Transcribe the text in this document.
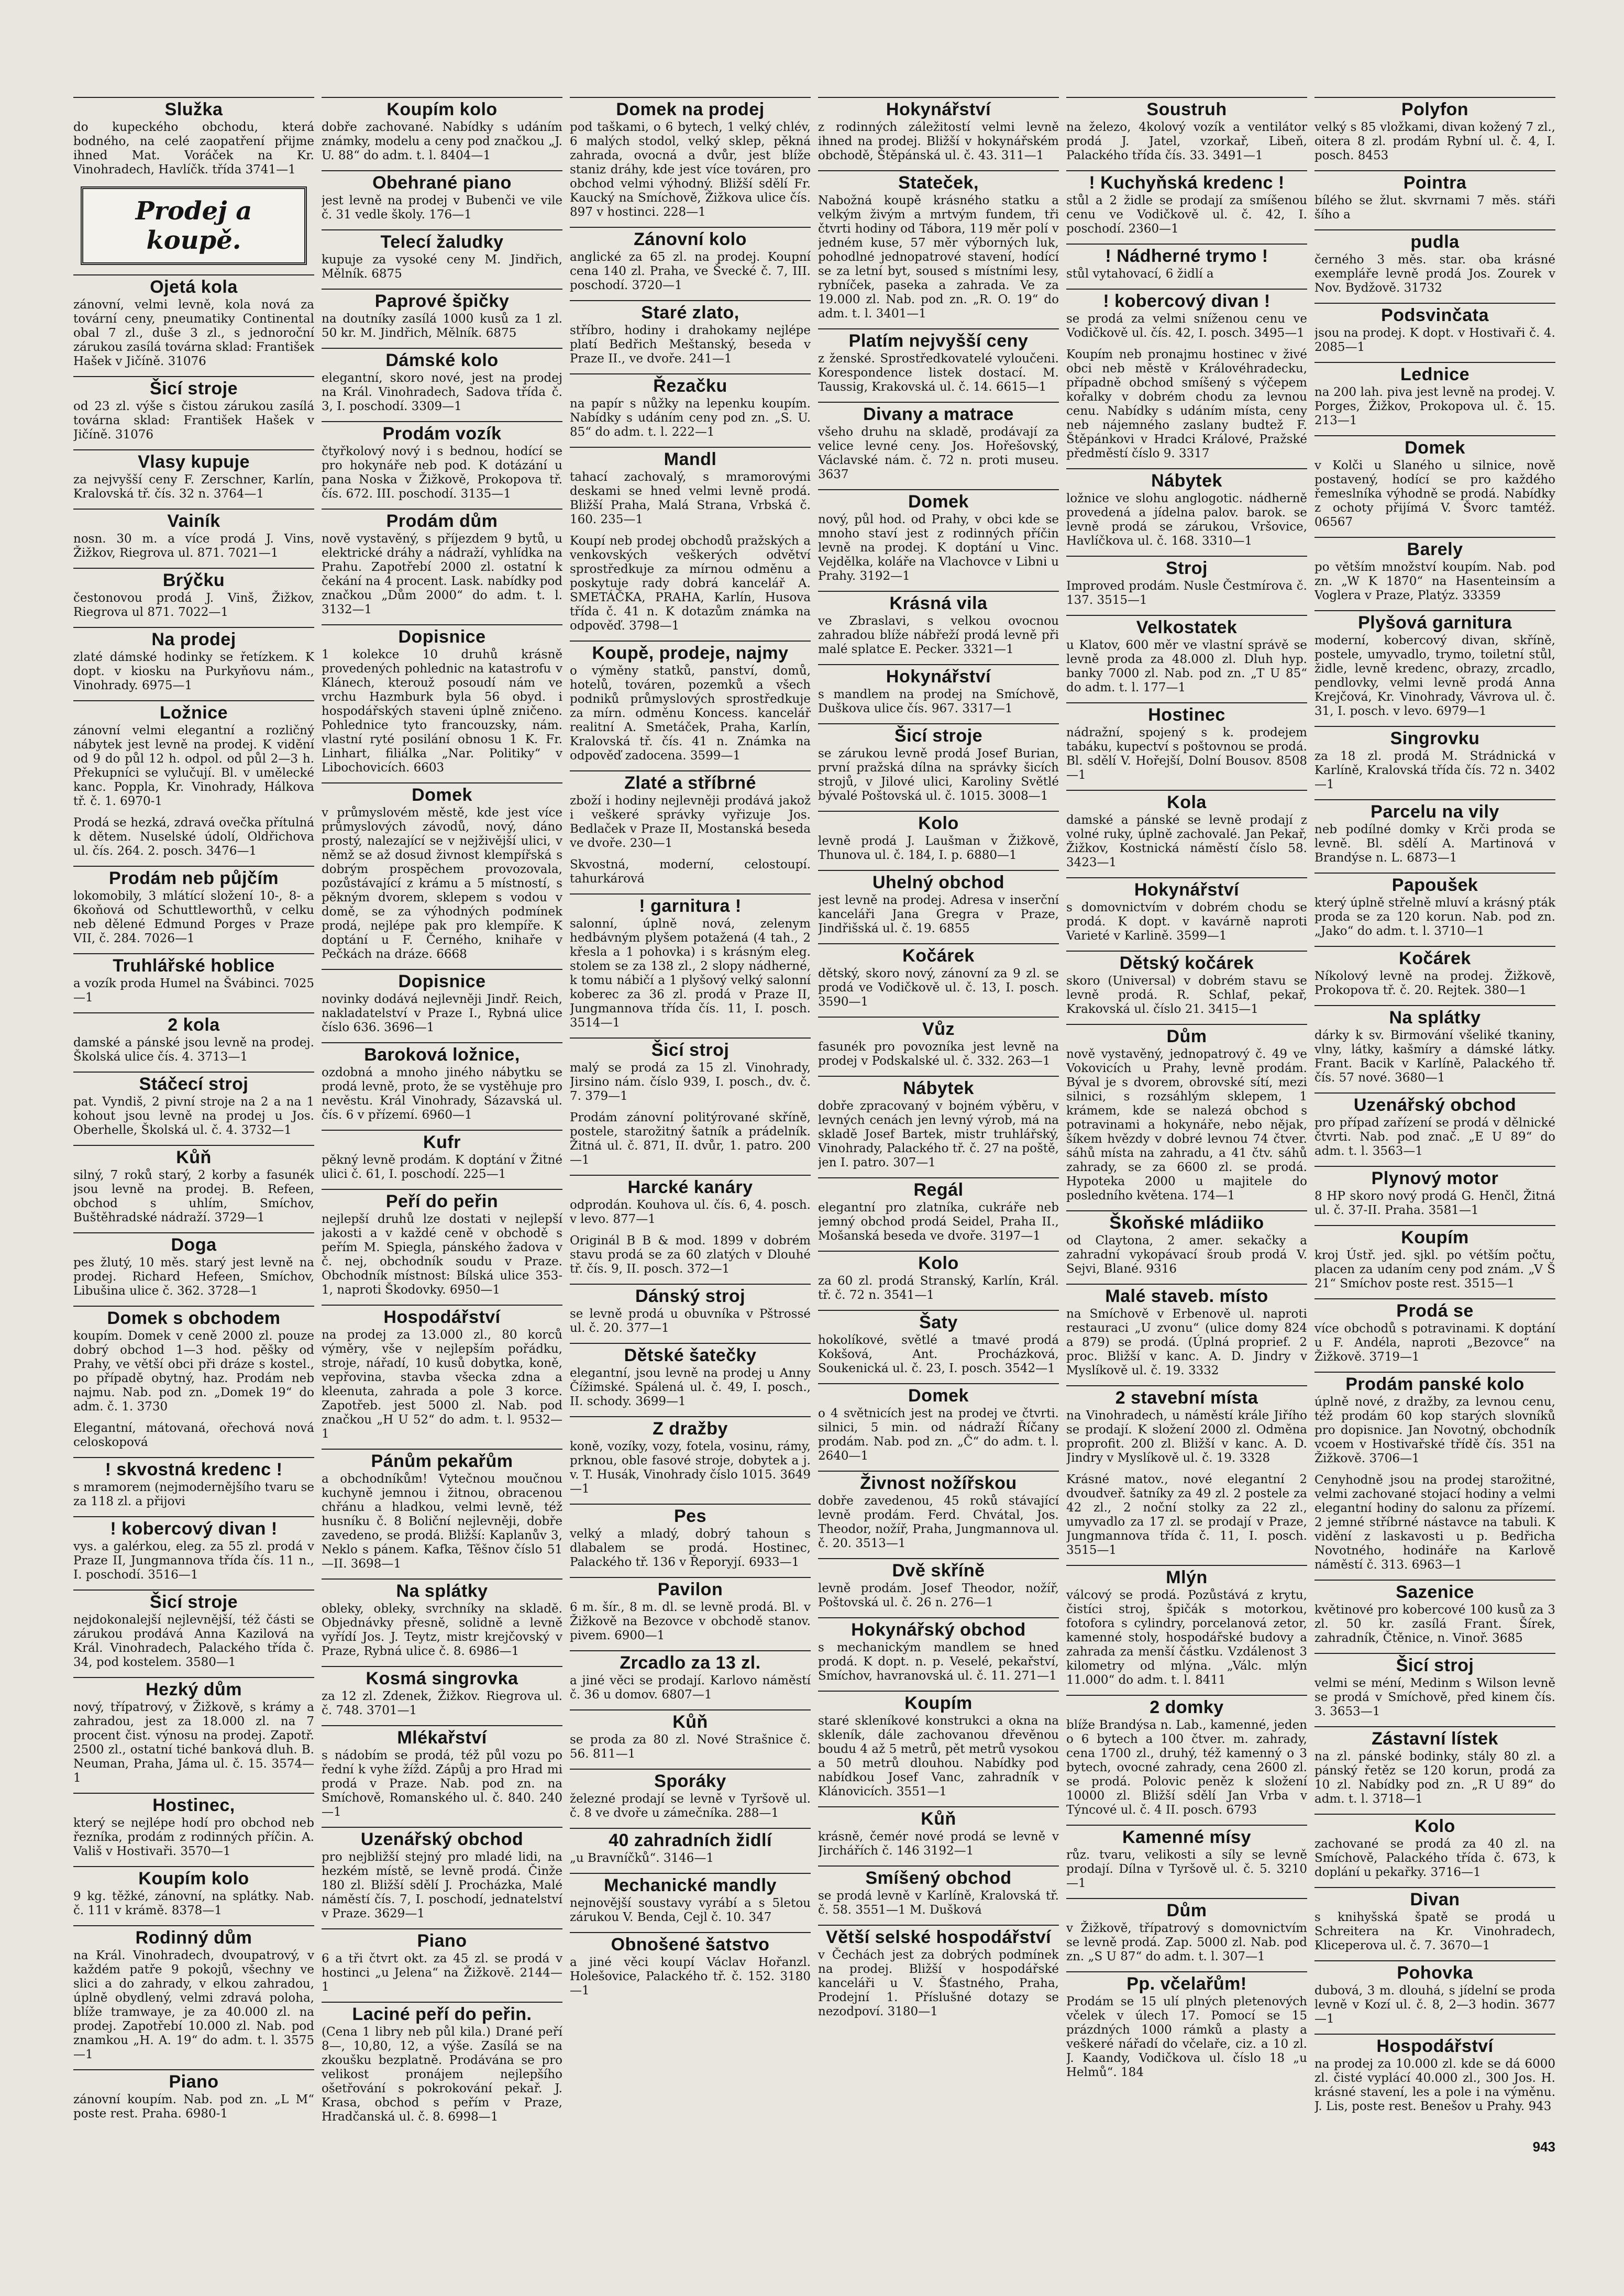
Služka

do kupeckého obchodu, která bodného, na celé zaopatření přijme ihned Mat. Voráček na Kr. Vinohradech, Havlíčk. třída 3741—1

Prodej a koupě.
Ojetá kola

zánovní, velmi levně, kola nová za tovární ceny, pneumatiky Continental obal 7 zl., duše 3 zl., s jednoroční zárukou zasílá továrna sklad: František Hašek v Jičíně. 31076

Šicí stroje

od 23 zl. výše s čistou zárukou zasílá továrna sklad: František Hašek v Jičíně. 31076

Vlasy kupuje

za nejvyšší ceny F. Zerschner, Karlín, Kralovská tř. čís. 32 n. 3764—1

Vainík

nosn. 30 m. a více prodá J. Vins, Žižkov, Riegrova ul. 871. 7021—1

Brýčku

čestonovou prodá J. Vinš, Žižkov, Riegrova ul 871. 7022—1

Na prodej

zlaté dámské hodinky se řetízkem. K dopt. v kiosku na Purkyňovu nám., Vinohrady. 6975—1

Ložnice

zánovní velmi elegantní a rozličný nábytek jest levně na prodej. K vidění od 9 do půl 12 h. odpol. od půl 2—3 h. Překupníci se vylučují. Bl. v umělecké kanc. Poppla, Kr. Vinohrady, Hálkova tř. č. 1. 6970-1

Prodá se hezká, zdravá ovečka přítulná k dětem. Nuselské údolí, Oldřichova ul. čís. 264. 2. posch. 3476—1

Prodám neb půjčím

lokomobily, 3 mlátící složení 10-, 8- a 6koňová od Schuttleworthů, v celku neb dělené Edmund Porges v Praze VII, č. 284. 7026—1

Truhlářské hoblice

a vozík proda Humel na Švábinci. 7025—1

2 kola

damské a pánské jsou levně na prodej. Školská ulice čís. 4. 3713—1

Stáčecí stroj

pat. Vyndiš, 2 pivní stroje na 2 a na 1 kohout jsou levně na prodej u Jos. Oberhelle, Školská ul. č. 4. 3732—1

Kůň

silný, 7 roků starý, 2 korby a fasunék jsou levně na prodej. B. Refeen, obchod s uhlím, Smíchov, Buštěhradské nádraží. 3729—1

Doga

pes žlutý, 10 měs. starý jest levně na prodej. Richard Hefeen, Smíchov, Libušina ulice č. 362. 3728—1

Domek s obchodem

koupím. Domek v ceně 2000 zl. pouze dobrý obchod 1—3 hod. pěšky od Prahy, ve větší obci při dráze s kostel., po případě obytný, haz. Prodám neb najmu. Nab. pod zn. „Domek 19“ do adm. č. 1. 3730

Elegantní, mátovaná, ořechová nová celoskopová

! skvostná kredenc !

s mramorem (nejmodernějšího tvaru se za 118 zl. a přijovi

! kobercový divan !

vys. a galérkou, eleg. za 55 zl. prodá v Praze II, Jungmannova třída čís. 11 n., I. poschodí. 3516—1

Šicí stroje

nejdokonalejší nejlevnější, též části se zárukou prodává Anna Kazilová na Král. Vinohradech, Palackého třída č. 34, pod kostelem. 3580—1

Hezký dům

nový, třípatrový, v Žižkově, s krámy a zahradou, jest za 18.000 zl. na 7 procent čist. výnosu na prodej. Zapotř. 2500 zl., ostatní tiché banková dluh. B. Neuman, Praha, Jáma ul. č. 15. 3574—1

Hostinec,

který se nejlépe hodí pro obchod neb řezníka, prodám z rodinných příčin. A. Vališ v Hostivaři. 3570—1

Koupím kolo

9 kg. těžké, zánovní, na splátky. Nab. č. 111 v krámě. 8378—1

Rodinný dům

na Král. Vinohradech, dvoupatrový, v každém patře 9 pokojů, všechny ve slici a do zahrady, v elkou zahradou, úplně obydlený, velmi zdravá poloha, blíže tramwaye, je za 40.000 zl. na prodej. Zapotřebí 10.000 zl. Nab. pod znamkou „H. A. 19“ do adm. t. l. 3575—1

Piano

zánovní koupím. Nab. pod zn. „L M“ poste rest. Praha. 6980-1

Koupím kolo

dobře zachované. Nabídky s udáním známky, modelu a ceny pod značkou „J. U. 88“ do adm. t. l. 8404—1

Obehrané piano

jest levně na prodej v Bubenči ve vile č. 31 vedle školy. 176—1

Telecí žaludky

kupuje za vysoké ceny M. Jindřich, Mělník. 6875

Paprové špičky

na doutníky zasílá 1000 kusů za 1 zl. 50 kr. M. Jindřich, Mělník. 6875

Dámské kolo

elegantní, skoro nové, jest na prodej na Král. Vinohradech, Sadova třída č. 3, I. poschodí. 3309—1

Prodám vozík

čtyřkolový nový i s bednou, hodící se pro hokynáře neb pod. K dotázání u pana Noska v Žižkově, Prokopova tř. čís. 672. III. poschodí. 3135—1

Prodám dům

nově vystavěný, s příjezdem 9 bytů, u elektrické dráhy a nádraží, vyhlídka na Prahu. Zapotřebí 2000 zl. ostatní k čekání na 4 procent. Lask. nabídky pod značkou „Dům 2000“ do adm. t. l. 3132—1

Dopisnice

1 kolekce 10 druhů krásně provedených pohlednic na katastrofu v Klánech, kterouž posoudí nám ve vrchu Hazmburk byla 56 obyd. i hospodářských staveni úplně zničeno. Pohlednice tyto francouzsky, nám. vlastní ryté posilání obnosu 1 K. Fr. Linhart, filiálka „Nar. Politiky“ v Libochovicích. 6603

Domek

v průmyslovém městě, kde jest více průmyslových závodů, nový, dáno prostý, nalezající se v nejživější ulici, v němž se až dosud živnost klempířská s dobrým prospěchem provozovala, pozůstávající z krámu a 5 místností, s pěkným dvorem, sklepem s vodou v domě, se za výhodných podmínek prodá, nejlépe pak pro klempíře. K doptání u F. Černého, knihaře v Pečkách na dráze. 6668

Dopisnice

novinky dodává nejlevněji Jindř. Reich, nakladatelství v Praze I., Rybná ulice číslo 636. 3696—1

Baroková ložnice,

ozdobná a mnoho jiného nábytku se prodá levně, proto, že se vystěhuje pro nevěstu. Král Vinohrady, Sázavská ul. čís. 6 v přízemí. 6960—1

Kufr

pěkný levně prodám. K doptání v Žitné ulici č. 61, I. poschodí. 225—1

Peří do peřin

nejlepší druhů lze dostati v nejlepší jakosti a v každé ceně v obchodě s peřím M. Spiegla, pánského žadova v č. nej, obchodník soudu v Praze. Obchodník místnost: Bílská ulice 353-1, naproti Škodovky. 6950—1

Hospodářství

na prodej za 13.000 zl., 80 korců výměry, vše v nejlepším pořádku, stroje, nářadí, 10 kusů dobytka, koně, vepřovina, stavba všecka zdna a kleenuta, zahrada a pole 3 korce. Zapotřeb. jest 5000 zl. Nab. pod značkou „H U 52“ do adm. t. l. 9532—1

Pánům pekařům

a obchodníkům! Vytečnou moučnou kuchyně jemnou i žitnou, obracenou chřánu a hladkou, velmi levně, též husníku č. 8 Boliční nejlevněji, dobře zavedeno, se prodá. Bližší: Kaplanův 3, Neklo s pánem. Kafka, Těšnov číslo 51—II. 3698—1

Na splátky

obleky, obleky, svrchníky na skladě. Objednávky přesně, solidně a levně vyřídí Jos. J. Teytz, mistr krejčovský v Praze, Rybná ulice č. 8. 6986—1

Kosmá singrovka

za 12 zl. Zdenek, Žižkov. Riegrova ul. č. 748. 3701—1

Mlékařství

s nádobím se prodá, též půl vozu po řední k vyhe žížd. Zápůj a pro Hrad mi prodá v Praze. Nab. pod zn. na Smíchově, Romanského ul. č. 840. 240—1

Uzenářský obchod

pro nejbližší stejný pro mladé lidi, na hezkém místě, se levně prodá. Činže 180 zl. Bližší sdělí J. Procházka, Malé náměstí čís. 7, I. poschodí, jednatelství v Praze. 3629—1

Piano

6 a tři čtvrt okt. za 45 zl. se prodá v hostinci „u Jelena“ na Žižkově. 2144—1

Laciné peří do peřin.

(Cena 1 libry neb půl kila.) Drané peří 8—, 10,80, 12, a výše. Zasílá se na zkoušku bezplatně. Prodávána se pro velikost pronájem nejlepšího ošetřování s pokrokování pekař. J. Krasa, obchod s peřím v Praze, Hradčanská ul. č. 8. 6998—1

Domek na prodej

pod taškami, o 6 bytech, 1 velký chlév, 6 malých stodol, velký sklep, pěkná zahrada, ovocná a dvůr, jest blíže staniz dráhy, kde jest více továren, pro obchod velmi výhodný. Bližší sdělí Fr. Kaucký na Smíchově, Žižkova ulice čís. 897 v hostinci. 228—1

Zánovní kolo

anglické za 65 zl. na prodej. Koupní cena 140 zl. Praha, ve Švecké č. 7, III. poschodí. 3720—1

Staré zlato,

stříbro, hodiny i drahokamy nejlépe platí Bedřich Meštanský, beseda v Praze II., ve dvoře. 241—1

Řezačku

na papír s nůžky na lepenku koupím. Nabídky s udáním ceny pod zn. „S. U. 85“ do adm. t. l. 222—1

Mandl

tahací zachovalý, s mramorovými deskami se hned velmi levně prodá. Bližší Praha, Malá Strana, Vrbská č. 160. 235—1

Koupí neb prodej obchodů pražských a venkovských veškerých odvětví sprostředkuje za mírnou odměnu a poskytuje rady dobrá kancelář A. SMETÁČKA, PRAHA, Karlín, Husova třída č. 41 n. K dotazům známka na odpověď. 3798—1

Koupě, prodeje, najmy

o výměny statků, panství, domů, hotelů, továren, pozemků a všech podniků průmyslových sprostředkuje za mírn. odměnu Koncess. kancelář realitní A. Smetáček, Praha, Karlín, Kralovská tř. čís. 41 n. Známka na odpověď zadocena. 3599—1

Zlaté a stříbrné

zboží i hodiny nejlevněji prodává jakož i veškeré správky vyřizuje Jos. Bedlaček v Praze II, Mostanská beseda ve dvoře. 230—1

Skvostná, moderní, celostoupí. tahurkárová

! garnitura !

salonní, úplně nová, zelenym hedbávným plyšem potažená (4 tah., 2 křesla a 1 pohovka) i s krásným eleg. stolem se za 138 zl., 2 slopy nádherné, k tomu nábičí a 1 plyšový velký salonní koberec za 36 zl. prodá v Praze II, Jungmannova třída čís. 11, I. posch. 3514—1

Šicí stroj

malý se prodá za 15 zl. Vinohrady, Jirsino nám. číslo 939, I. posch., dv. č. 7. 379—1

Prodám zánovní politýrované skříně, postele, starožitný šatník a prádelník. Žitná ul. č. 871, II. dvůr, 1. patro. 200—1

Harcké kanáry

odprodán. Kouhova ul. čís. 6, 4. posch. v levo. 877—1

Originál B B & mod. 1899 v dobrém stavu prodá se za 60 zlatých v Dlouhé tř. čís. 9, II. posch. 372—1

Dánský stroj

se levně prodá u obuvníka v Pštrossé ul. č. 20. 377—1

Dětské šatečky

elegantní, jsou levně na prodej u Anny Čížimské. Spálená ul. č. 49, I. posch., II. schody. 3699—1

Z dražby

koně, vozíky, vozy, fotela, vosinu, rámy, prknou, oble fasové stroje, dobytek a j. v. T. Husák, Vinohrady číslo 1015. 3649—1

Pes

velký a mladý, dobrý tahoun s dlabalem se prodá. Hostinec, Palackého tř. 136 v Řeporyjí. 6933—1

Pavilon

6 m. šír., 8 m. dl. se levně prodá. Bl. v Žižkově na Bezovce v obchodě stanov. pivem. 6900—1

Zrcadlo za 13 zl.

a jiné věci se prodají. Karlovo náměstí č. 36 u domov. 6807—1

Kůň

se proda za 80 zl. Nové Strašnice č. 56. 811—1

Sporáky

železné prodají se levně v Tyršově ul. č. 8 ve dvoře u zámečníka. 288—1

40 zahradních židlí

„u Bravníčků“. 3146—1

Mechanické mandly

nejnovější soustavy vyrábí a s 5letou zárukou V. Benda, Cejl č. 10. 347

Obnošené šatstvo

a jiné věci koupí Václav Hořanzl. Holešovice, Palackého tř. č. 152. 3180—1

Hokynářství

z rodinných záležitostí velmi levně ihned na prodej. Bližší v hokynářském obchodě, Štěpánská ul. č. 43. 311—1

Stateček,

Nabožná koupě krásného statku a velkým živým a mrtvým fundem, tři čtvrti hodiny od Tábora, 119 měr polí v jedném kuse, 57 měr výborných luk, pohodlné jednopatrové stavení, hodící se za letní byt, soused s místními lesy, rybníček, paseka a zahrada. Ve za 19.000 zl. Nab. pod zn. „R. O. 19“ do adm. t. l. 3401—1

Platím nejvyšší ceny

z ženské. Sprostředkovatelé vyloučeni. Korespondence listek dostací. M. Taussig, Krakovská ul. č. 14. 6615—1

Divany a matrace

všeho druhu na skladě, prodávají za velice levné ceny. Jos. Hořešovský, Václavské nám. č. 72 n. proti museu. 3637

Domek

nový, půl hod. od Prahy, v obci kde se mnoho staví jest z rodinných příčin levně na prodej. K doptání u Vinc. Vejdělka, koláře na Vlachovce v Libni u Prahy. 3192—1

Krásná vila

ve Zbraslavi, s velkou ovocnou zahradou blíže nábřeží prodá levně při malé splatce E. Pecker. 3321—1

Hokynářství

s mandlem na prodej na Smíchově, Duškova ulice čís. 967. 3317—1

Šicí stroje

se zárukou levně prodá Josef Burian, první pražská dílna na správky šicích strojů, v Jilové ulici, Karoliny Světlé bývalé Poštovská ul. č. 1015. 3008—1

Kolo

levně prodá J. Laušman v Žižkově, Thunova ul. č. 184, I. p. 6880—1

Uhelný obchod

jest levně na prodej. Adresa v inserční kanceláři Jana Gregra v Praze, Jindřišská ul. č. 19. 6855

Kočárek

dětský, skoro nový, zánovní za 9 zl. se prodá ve Vodičkově ul. č. 13, I. posch. 3590—1

Vůz

fasunék pro povozníka jest levně na prodej v Podskalské ul. č. 332. 263—1

Nábytek

dobře zpracovaný v bojném výběru, v levných cenách jen levný výrob, má na skladě Josef Bartek, mistr truhlářský, Vinohrady, Palackého tř. č. 27 na poště, jen I. patro. 307—1

Regál

elegantní pro zlatníka, cukráře neb jemný obchod prodá Seidel, Praha II., Mošanská beseda ve dvoře. 3197—1

Kolo

za 60 zl. prodá Stranský, Karlín, Král. tř. č. 72 n. 3541—1

Šaty

hokolíkové, světlé a tmavé prodá Kokšová, Ant. Procházková, Soukenická ul. č. 23, I. posch. 3542—1

Domek

o 4 světnicích jest na prodej ve čtvrti. silnici, 5 min. od nádraží Říčany prodám. Nab. pod zn. „Č“ do adm. t. l. 2640—1

Živnost nožířskou

dobře zavedenou, 45 roků stávající levně prodám. Ferd. Chvátal, Jos. Theodor, nožíř, Praha, Jungmannova ul. č. 20. 3513—1

Dvě skříně

levně prodám. Josef Theodor, nožíř, Poštovská ul. č. 26 n. 276—1

Hokynářský obchod

s mechanickým mandlem se hned prodá. K dopt. n. p. Veselé, pekařství, Smíchov, havranovská ul. č. 11. 271—1

Koupím

staré skleníkové konstrukci a okna na skleník, dále zachovanou dřevěnou boudu 4 až 5 metrů, pět metrů vysokou a 50 metrů dlouhou. Nabídky pod nabídkou Josef Vanc, zahradník v Klánovicích. 3551—1

Kůň

krásně, čemér nové prodá se levně v Jirchářích č. 146 3192—1

Smíšený obchod

se prodá levně v Karlíně, Kralovská tř. č. 58. 3551—1 M. Dušková

Větší selské hospodářství

v Čechách jest za dobrých podmínek na prodej. Bližší v hospodářské kanceláři u V. Šťastného, Praha, Prodejní 1. Příslušné dotazy se nezodpoví. 3180—1

Soustruh

na železo, 4kolový vozík a ventilátor prodá J. Jatel, vzorkař, Libeň, Palackého třída čís. 33. 3491—1

! Kuchyňská kredenc !

stůl a 2 židle se prodají za smíšenou cenu ve Vodičkově ul. č. 42, I. poschodí. 2360—1

! Nádherné trymo !

stůl vytahovací, 6 židlí a

! kobercový divan !

se prodá za velmi sníženou cenu ve Vodičkově ul. čís. 42, I. posch. 3495—1

Koupím neb pronajmu hostinec v živé obci neb městě v Královéhradecku, případně obchod smíšený s výčepem kořalky v dobrém chodu za levnou cenu. Nabídky s udáním místa, ceny neb nájemného zaslany budtež F. Štěpánkovi v Hradci Králové, Pražské předměstí číslo 9. 3317

Nábytek

ložnice ve slohu anglogotic. nádherně provedená a jídelna palov. barok. se levně prodá se zárukou, Vršovice, Havlíčkova ul. č. 168. 3310—1

Stroj

Improved prodám. Nusle Čestmírova č. 137. 3515—1

Velkostatek

u Klatov, 600 měr ve vlastní správě se levně proda za 48.000 zl. Dluh hyp. banky 7000 zl. Nab. pod zn. „T U 85“ do adm. t. l. 177—1

Hostinec

nádražní, spojený s k. prodejem tabáku, kupectví s poštovnou se prodá. Bl. sdělí V. Hořejší, Dolní Bousov. 8508—1

Kola

damské a pánské se levně prodají z volné ruky, úplně zachovalé. Jan Pekař, Žižkov, Kostnická náměstí číslo 58. 3423—1

Hokynářství

s domovnictvím v dobrém chodu se prodá. K dopt. v kavárně naproti Varieté v Karlině. 3599—1

Dětský kočárek

skoro (Universal) v dobrém stavu se levně prodá. R. Schlaf, pekař, Krakovská ul. číslo 21. 3415—1

Dům

nově vystavěný, jednopatrový č. 49 ve Vokovicích u Prahy, levně prodám. Býval je s dvorem, obrovské sítí, mezi silnici, s rozsáhlým sklepem, 1 krámem, kde se nalezá obchod s potravinami a hokynáře, nebo nějak, šíkem hvězdy v dobré levnou 74 čtver. sáhů místa na zahradu, a 41 čtv. sáhů zahrady, se za 6600 zl. se prodá. Hypoteka 2000 u majitele do posledního květena. 174—1

Škoňské mládiiko

od Claytona, 2 amer. sekačky a zahradní vykopávací šroub prodá V. Sejvi, Blané. 9316

Malé staveb. místo

na Smíchově v Erbenově ul. naproti restauraci „U zvonu“ (ulice domy 824 a 879) se prodá. (Úplná proprief. 2 proc. Bližší v kanc. A. D. Jindry v Myslíkově ul. č. 19. 3332

2 stavební místa

na Vinohradech, u náměstí krále Jiřího se prodají. K složení 2000 zl. Odměna proprofit. 200 zl. Bližší v kanc. A. D. Jindry v Myslíkově ul. č. 19. 3328

Krásné matov., nové elegantní 2 dvoudveř. šatníky za 49 zl. 2 postele za 42 zl., 2 noční stolky za 22 zl., umyvadlo za 17 zl. se prodají v Praze, Jungmannova třída č. 11, I. posch. 3515—1

Mlýn

válcový se prodá. Pozůstává z krytu, čistíci stroj, špičák s motorkou, fotofora s cylindry, porcelanová zetor, kamenné stoly, hospodářské budovy a zahrada za menší částku. Vzdálenost 3 kilometry od mlýna. „Válc. mlýn 11.000“ do adm. t. l. 8411

2 domky

blíže Brandýsa n. Lab., kamenné, jeden o 6 bytech a 100 čtver. m. zahrady, cena 1700 zl., druhý, též kamenný o 3 bytech, ovocné zahrady, cena 2600 zl. se prodá. Polovic peněz k složení 10000 zl. Bližší sdělí Jan Vrba v Týncové ul. č. 4 II. posch. 6793

Kamenné mísy

růz. tvaru, velikosti a síly se levně prodají. Dílna v Tyršově ul. č. 5. 3210—1

Dům

v Žižkově, třípatrový s domovnictvím se levně prodá. Zap. 5000 zl. Nab. pod zn. „S U 87“ do adm. t. l. 307—1

Pp. včelařům!

Prodám se 15 ulí plných pletenových včelek v úlech 17. Pomocí se 15 prázdných 1000 rámků a plasty a veškeré nářadí do včelaře, ciz. a 10 zl. J. Kaandy, Vodičkova ul. číslo 18 „u Helmů“. 184

Polyfon

velký s 85 vložkami, divan kožený 7 zl., oitera 8 zl. prodám Rybní ul. č. 4, I. posch. 8453

Pointra

bílého se žlut. skvrnami 7 měs. stáři šího a

pudla

černého 3 měs. star. oba krásné exempláře levně prodá Jos. Zourek v Nov. Bydžově. 31732

Podsvinčata

jsou na prodej. K dopt. v Hostivaři č. 4. 2085—1

Lednice

na 200 lah. piva jest levně na prodej. V. Porges, Žižkov, Prokopova ul. č. 15. 213—1

Domek

v Kolči u Slaného u silnice, nově postavený, hodící se pro každého řemeslníka výhodně se prodá. Nabídky z ochoty přijímá V. Švorc tamtéž. 06567

Barely

po větším množství koupím. Nab. pod zn. „W K 1870“ na Hasenteinsím a Voglera v Praze, Platýz. 33359

Plyšová garnitura

moderní, kobercový divan, skříně, postele, umyvadlo, trymo, toiletní stůl, židle, levně kredenc, obrazy, zrcadlo, pendlovky, velmi levně prodá Anna Krejčová, Kr. Vinohrady, Vávrova ul. č. 31, I. posch. v levo. 6979—1

Singrovku

za 18 zl. prodá M. Strádnická v Karlíně, Kralovská třída čís. 72 n. 3402—1

Parcelu na vily

neb podílné domky v Krči proda se levně. Bl. sdělí A. Martinová v Brandýse n. L. 6873—1

Papoušek

který úplně střelně mluví a krásný pták proda se za 120 korun. Nab. pod zn. „Jako“ do adm. t. l. 3710—1

Kočárek

Níkolový levně na prodej. Žižkově, Prokopova tř. č. 20. Rejtek. 380—1

Na splátky

dárky k sv. Birmování všeliké tkaniny, vlny, látky, kašmíry a dámské látky. Frant. Bacik v Karlíně, Palackého tř. čís. 57 nové. 3680—1

Uzenářský obchod

pro případ zařízení se prodá v dělnické čtvrti. Nab. pod znač. „E U 89“ do adm. t. l. 3563—1

Plynový motor

8 HP skoro nový prodá G. Henčl, Žitná ul. č. 37-II. Praha. 3581—1

Koupím

kroj Ústř. jed. sjkl. po vétším počtu, placen za udaním ceny pod znám. „V Š 21“ Smíchov poste rest. 3515—1

Prodá se

více obchodů s potravinami. K doptání u F. Andéla, naproti „Bezovce“ na Žižkově. 3719—1

Prodám panské kolo

úplně nové, z dražby, za levnou cenu, též prodám 60 kop starých slovníků pro dopisnice. Jan Novotný, obchodník vcoem v Hostivařské třídě čís. 351 na Žižkově. 3706—1

Cenyhodně jsou na prodej starožitné, velmi zachované stojací hodiny a velmi elegantní hodiny do salonu za přízemí. 2 jemné stříbrné nástavce na tabuli. K vidění z laskavosti u p. Bedřicha Novotného, hodináře na Karlově náměstí č. 313. 6963—1

Sazenice

květinové pro kobercové 100 kusů za 3 zl. 50 kr. zasílá Frant. Šírek, zahradník, Čtěnice, n. Vinoř. 3685

Šicí stroj

velmi se méní, Medinm s Wilson levně se prodá v Smíchově, před kinem čís. 3. 3653—1

Zástavní lístek

na zl. pánské bodinky, stály 80 zl. a pánský řetěz se 120 korun, prodá za 10 zl. Nabídky pod zn. „R U 89“ do adm. t. l. 3718—1

Kolo

zachované se prodá za 40 zl. na Smíchově, Palackého třída č. 673, k doplání u pekařky. 3716—1

Divan

s knihyšská špatě se prodá u Schreitera na Kr. Vinohradech, Kliceperova ul. č. 7. 3670—1

Pohovka

dubová, 3 m. dlouhá, s jídelní se proda levně v Kozí ul. č. 8, 2—3 hodin. 3677—1

Hospodářství

na prodej za 10.000 zl. kde se dá 6000 zl. čisté vyplácí 40.000 zl., 300 Jos. H. krásné stavení, les a pole i na výměnu. J. Lis, poste rest. Benešov u Prahy. 943

943
